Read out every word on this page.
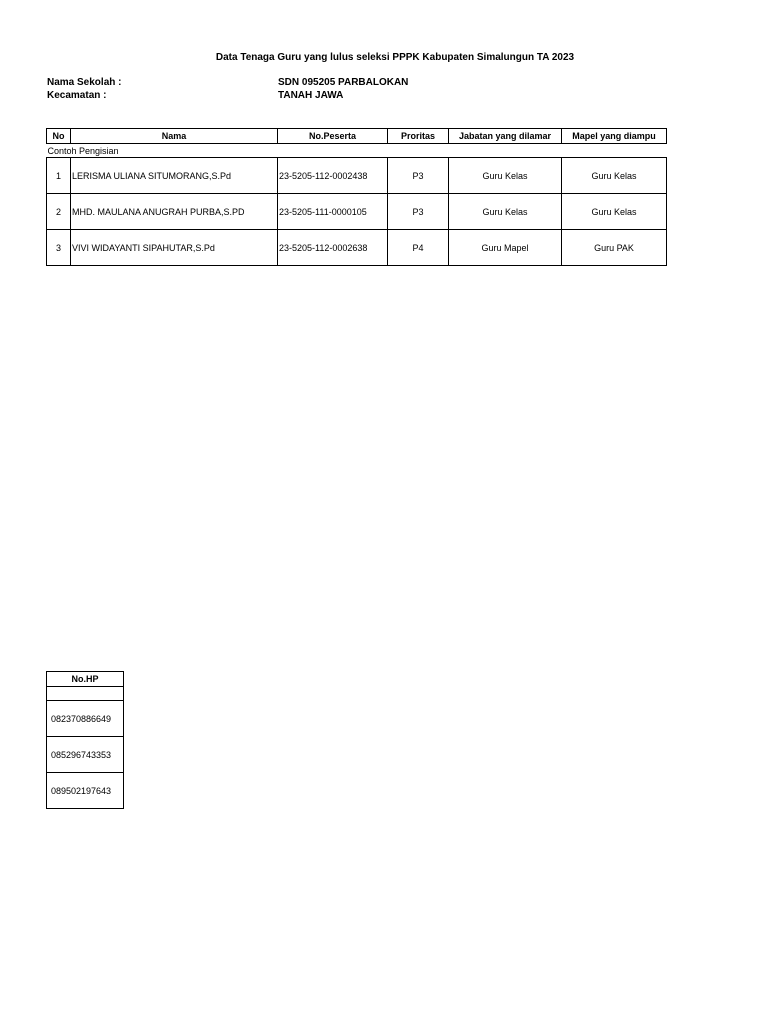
Data Tenaga Guru yang lulus seleksi PPPK Kabupaten Simalungun TA 2023
Nama Sekolah :	SDN 095205 PARBALOKAN
Kecamatan :	TANAH JAWA
No	Nama	No.Peserta	Proritas	Jabatan yang dilamar	Mapel yang diampu
Contoh Pengisian					
1	LERISMA ULIANA SITUMORANG,S.Pd	23-5205-112-0002438	P3	Guru Kelas	Guru Kelas
2	MHD. MAULANA ANUGRAH PURBA,S.PD	23-5205-111-0000105	P3	Guru Kelas	Guru Kelas
3	VIVI WIDAYANTI SIPAHUTAR,S.Pd	23-5205-112-0002638	P4	Guru Mapel	Guru PAK
No.HP

082370886649
085296743353
089502197643
